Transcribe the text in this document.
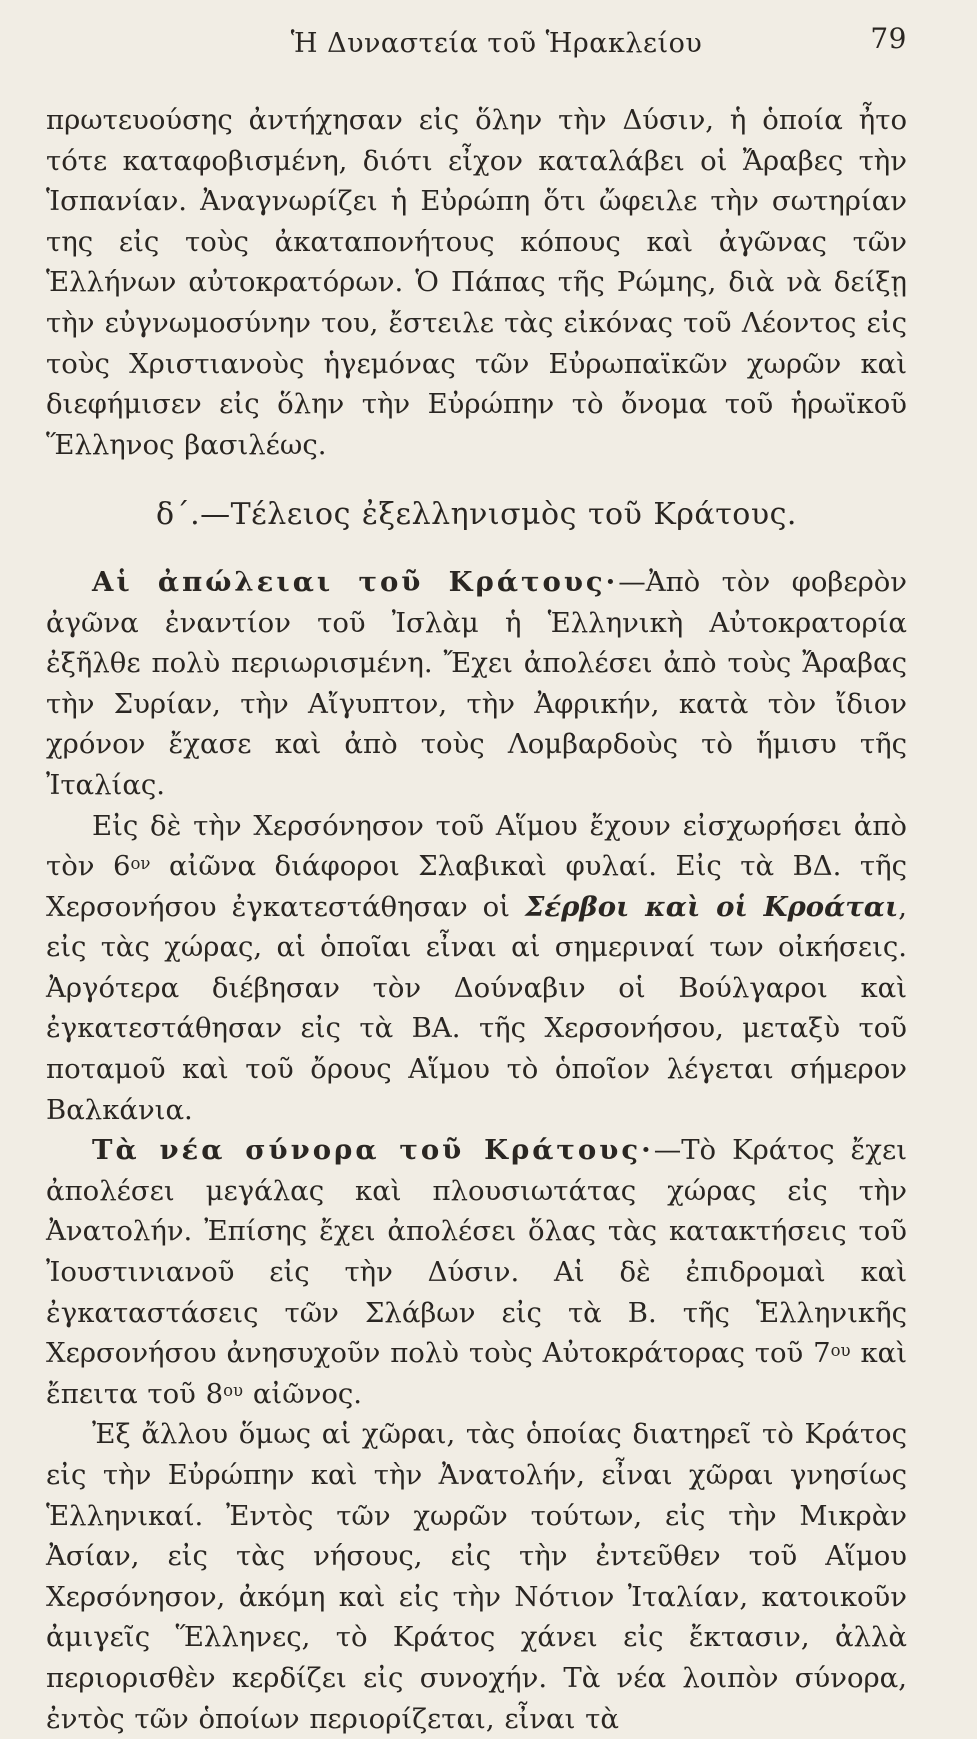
Ἡ Δυναστεία τοῦ Ἡρακλείου	79

πρωτευούσης ἀντήχησαν εἰς ὅλην τὴν Δύσιν, ἡ ὁποία ἦτο τότε καταφοβισμένη, διότι εἶχον καταλάβει οἱ Ἄραβες τὴν Ἱσπανίαν. Ἀναγνωρίζει ἡ Εὐρώπη ὅτι ὤφειλε τὴν σωτηρίαν της εἰς τοὺς ἀκαταπονήτους κόπους καὶ ἀγῶνας τῶν Ἑλλήνων αὐτοκρατόρων. Ὁ Πάπας τῆς Ρώμης, διὰ νὰ δείξῃ τὴν εὐγνωμοσύνην του, ἔστειλε τὰς εἰκόνας τοῦ Λέοντος εἰς τοὺς Χριστιανοὺς ἡγεμόνας τῶν Εὐρωπαϊκῶν χωρῶν καὶ διεφήμισεν εἰς ὅλην τὴν Εὐρώπην τὸ ὄνομα τοῦ ἡρωϊκοῦ Ἕλληνος βασιλέως.

δ΄.—Τέλειος ἐξελληνισμὸς τοῦ Κράτους.

Αἱ ἀπώλειαι τοῦ Κράτους·—Ἀπὸ τὸν φοβερὸν ἀγῶνα ἐναντίον τοῦ Ἰσλὰμ ἡ Ἑλληνικὴ Αὐτοκρατορία ἐξῆλθε πολὺ περιωρισμένη. Ἔχει ἀπολέσει ἀπὸ τοὺς Ἄραβας τὴν Συρίαν, τὴν Αἴγυπτον, τὴν Ἀφρικήν, κατὰ τὸν ἴδιον χρόνον ἔχασε καὶ ἀπὸ τοὺς Λομβαρδοὺς τὸ ἥμισυ τῆς Ἰταλίας.

Εἰς δὲ τὴν Χερσόνησον τοῦ Αἵμου ἔχουν εἰσχωρήσει ἀπὸ τὸν $6^{o\nu}$ αἰῶνα διάφοροι Σλαβικαὶ φυλαί. Εἰς τὰ ΒΔ. τῆς Χερσονήσου ἐγκατεστάθησαν οἱ Σέρβοι καὶ οἱ Κροάται, εἰς τὰς χώρας, αἱ ὁποῖαι εἶναι αἱ σημεριναί των οἰκήσεις. Ἀργότερα διέβησαν τὸν Δούναβιν οἱ Βούλγαροι καὶ ἐγκατεστάθησαν εἰς τὰ ΒΑ. τῆς Χερσονήσου, μεταξὺ τοῦ ποταμοῦ καὶ τοῦ ὄρους Αἵμου τὸ ὁποῖον λέγεται σήμερον Βαλκάνια.

Τὰ νέα σύνορα τοῦ Κράτους·—Τὸ Κράτος ἔχει ἀπολέσει μεγάλας καὶ πλουσιωτάτας χώρας εἰς τὴν Ἀνατολήν. Ἐπίσης ἔχει ἀπολέσει ὅλας τὰς κατακτήσεις τοῦ Ἰουστινιανοῦ εἰς τὴν Δύσιν. Αἱ δὲ ἐπιδρομαὶ καὶ ἐγκαταστάσεις τῶν Σλάβων εἰς τὰ Β. τῆς Ἑλληνικῆς Χερσονήσου ἀνησυχοῦν πολὺ τοὺς Αὐτοκράτορας τοῦ $7^{o\upsilon}$ καὶ ἔπειτα τοῦ $8^{o\upsilon}$ αἰῶνος.

Ἐξ ἄλλου ὅμως αἱ χῶραι, τὰς ὁποίας διατηρεῖ τὸ Κράτος εἰς τὴν Εὐρώπην καὶ τὴν Ἀνατολήν, εἶναι χῶραι γνησίως Ἑλληνικαί. Ἐντὸς τῶν χωρῶν τούτων, εἰς τὴν Μικρὰν Ἀσίαν, εἰς τὰς νήσους, εἰς τὴν ἐντεῦθεν τοῦ Αἵμου Χερσόνησον, ἀκόμη καὶ εἰς τὴν Νότιον Ἰταλίαν, κατοικοῦν ἀμιγεῖς Ἕλληνες, τὸ Κράτος χάνει εἰς ἔκτασιν, ἀλλὰ περιορισθὲν κερδίζει εἰς συνοχήν. Τὰ νέα λοιπὸν σύνορα, ἐντὸς τῶν ὁποίων περιορίζεται, εἶναι τὰ
